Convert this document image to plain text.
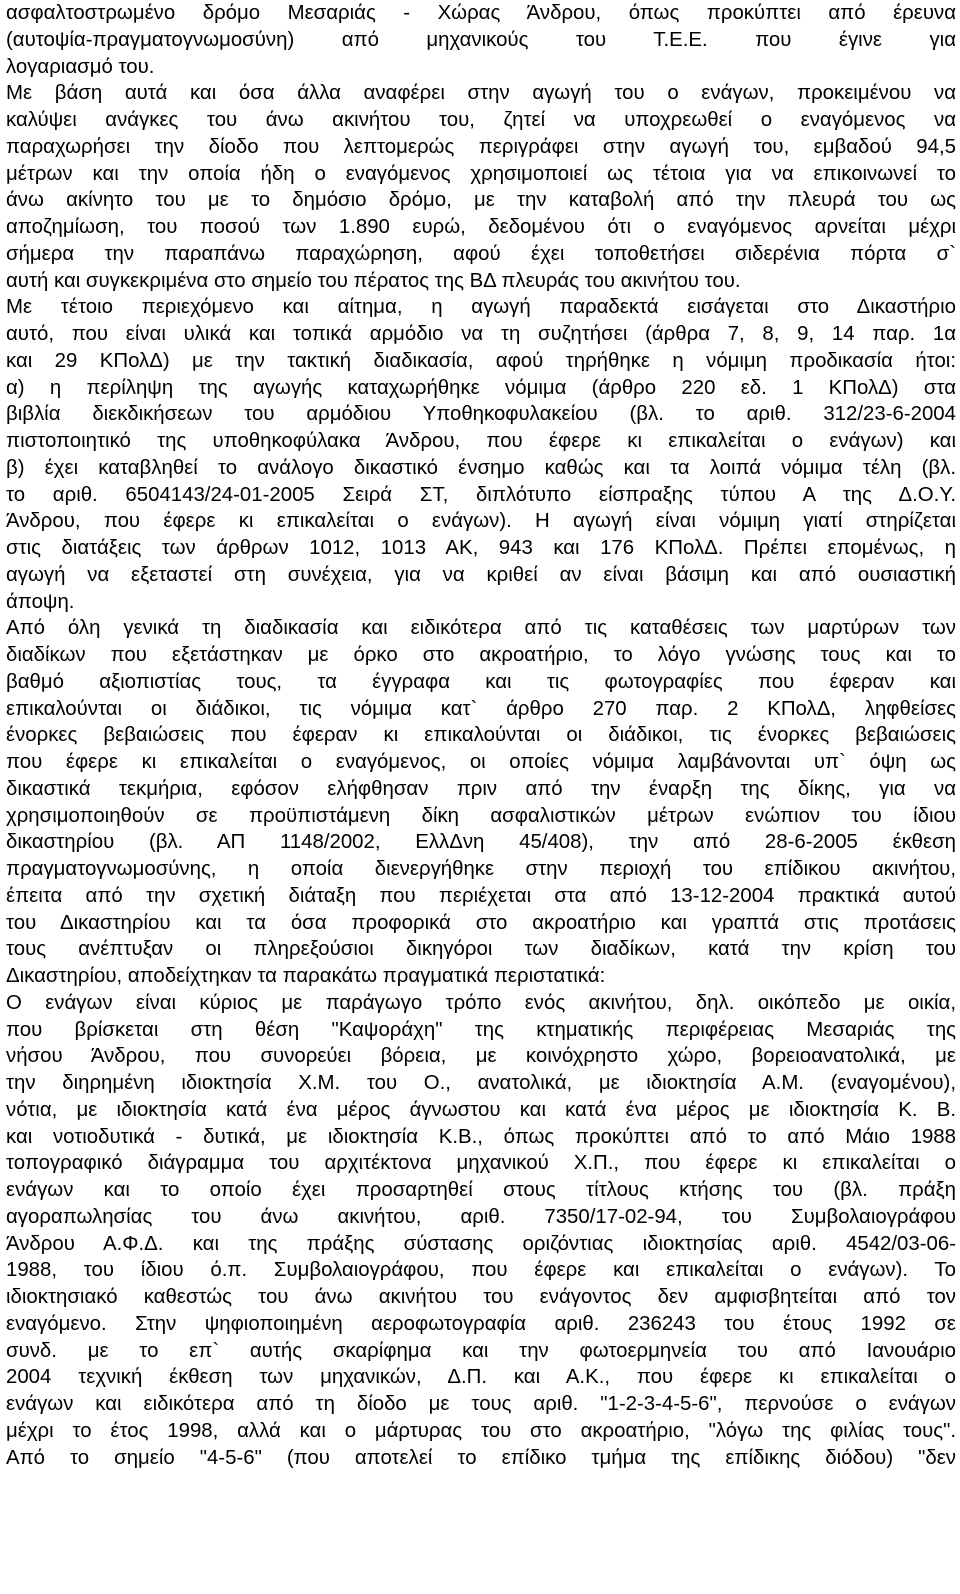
ασφαλτοστρωμένο δρόμο Μεσαριάς - Χώρας Άνδρου, όπως προκύπτει από έρευνα
(αυτοψία-πραγματογνωμοσύνη) από μηχανικούς του Τ.Ε.Ε. που έγινε για
λογαριασμό του.
Με βάση αυτά και όσα άλλα αναφέρει στην αγωγή του ο ενάγων, προκειμένου να
καλύψει ανάγκες του άνω ακινήτου του, ζητεί να υποχρεωθεί ο εναγόμενος να
παραχωρήσει την δίοδο που λεπτομερώς περιγράφει στην αγωγή του, εμβαδού 94,5
μέτρων και την οποία ήδη ο εναγόμενος χρησιμοποιεί ως τέτοια για να επικοινωνεί το
άνω ακίνητο του με το δημόσιο δρόμο, με την καταβολή από την πλευρά του ως
αποζημίωση, του ποσού των 1.890 ευρώ, δεδομένου ότι ο εναγόμενος αρνείται μέχρι
σήμερα την παραπάνω παραχώρηση, αφού έχει τοποθετήσει σιδερένια πόρτα σ`
αυτή και συγκεκριμένα στο σημείο του πέρατος της ΒΔ πλευράς του ακινήτου του.
Με τέτοιο περιεχόμενο και αίτημα, η αγωγή παραδεκτά εισάγεται στο Δικαστήριο
αυτό, που είναι υλικά και τοπικά αρμόδιο να τη συζητήσει (άρθρα 7, 8, 9, 14 παρ. 1α
και 29 ΚΠολΔ) με την τακτική διαδικασία, αφού τηρήθηκε η νόμιμη προδικασία ήτοι:
α) η περίληψη της αγωγής καταχωρήθηκε νόμιμα (άρθρο 220 εδ. 1 ΚΠολΔ) στα
βιβλία διεκδικήσεων του αρμόδιου Υποθηκοφυλακείου (βλ. το αριθ. 312/23-6-2004
πιστοποιητικό της υποθηκοφύλακα Άνδρου, που έφερε κι επικαλείται ο ενάγων) και
β) έχει καταβληθεί το ανάλογο δικαστικό ένσημο καθώς και τα λοιπά νόμιμα τέλη (βλ.
το αριθ. 6504143/24-01-2005 Σειρά ΣΤ, διπλότυπο είσπραξης τύπου Α της Δ.Ο.Υ.
Άνδρου, που έφερε κι επικαλείται ο ενάγων). Η αγωγή είναι νόμιμη γιατί στηρίζεται
στις διατάξεις των άρθρων 1012, 1013 ΑΚ, 943 και 176 ΚΠολΔ. Πρέπει επομένως, η
αγωγή να εξεταστεί στη συνέχεια, για να κριθεί αν είναι βάσιμη και από ουσιαστική
άποψη.
Από όλη γενικά τη διαδικασία και ειδικότερα από τις καταθέσεις των μαρτύρων των
διαδίκων που εξετάστηκαν με όρκο στο ακροατήριο, το λόγο γνώσης τους και το
βαθμό αξιοπιστίας τους, τα έγγραφα και τις φωτογραφίες που έφεραν και
επικαλούνται οι διάδικοι, τις νόμιμα κατ` άρθρο 270 παρ. 2 ΚΠολΔ, ληφθείσες
ένορκες βεβαιώσεις που έφεραν κι επικαλούνται οι διάδικοι, τις ένορκες βεβαιώσεις
που έφερε κι επικαλείται ο εναγόμενος, οι οποίες νόμιμα λαμβάνονται υπ` όψη ως
δικαστικά τεκμήρια, εφόσον ελήφθησαν πριν από την έναρξη της δίκης, για να
χρησιμοποιηθούν σε προϋπιστάμενη δίκη ασφαλιστικών μέτρων ενώπιον του ίδιου
δικαστηρίου (βλ. ΑΠ 1148/2002, ΕλλΔνη 45/408), την από 28-6-2005 έκθεση
πραγματογνωμοσύνης, η οποία διενεργήθηκε στην περιοχή του επίδικου ακινήτου,
έπειτα από την σχετική διάταξη που περιέχεται στα από 13-12-2004 πρακτικά αυτού
του Δικαστηρίου και τα όσα προφορικά στο ακροατήριο και γραπτά στις προτάσεις
τους ανέπτυξαν οι πληρεξούσιοι δικηγόροι των διαδίκων, κατά την κρίση του
Δικαστηρίου, αποδείχτηκαν τα παρακάτω πραγματικά περιστατικά:
Ο ενάγων είναι κύριος με παράγωγο τρόπο ενός ακινήτου, δηλ. οικόπεδο με οικία,
που βρίσκεται στη θέση "Καψοράχη" της κτηματικής περιφέρειας Μεσαριάς της
νήσου Άνδρου, που συνορεύει βόρεια, με κοινόχρηστο χώρο, βορειοανατολικά, με
την διηρημένη ιδιοκτησία Χ.Μ. του Ο., ανατολικά, με ιδιοκτησία Α.Μ. (εναγομένου),
νότια, με ιδιοκτησία κατά ένα μέρος άγνωστου και κατά ένα μέρος με ιδιοκτησία Κ. Β.
και νοτιοδυτικά - δυτικά, με ιδιοκτησία Κ.Β., όπως προκύπτει από το από Μάιο 1988
τοπογραφικό διάγραμμα του αρχιτέκτονα μηχανικού Χ.Π., που έφερε κι επικαλείται ο
ενάγων και το οποίο έχει προσαρτηθεί στους τίτλους κτήσης του (βλ. πράξη
αγοραπωλησίας του άνω ακινήτου, αριθ. 7350/17-02-94, του Συμβολαιογράφου
Άνδρου Α.Φ.Δ. και της πράξης σύστασης οριζόντιας ιδιοκτησίας αριθ. 4542/03-06-
1988, του ίδιου ό.π. Συμβολαιογράφου, που έφερε και επικαλείται ο ενάγων). Το
ιδιοκτησιακό καθεστώς του άνω ακινήτου του ενάγοντος δεν αμφισβητείται από τον
εναγόμενο. Στην ψηφιοποιημένη αεροφωτογραφία αριθ. 236243 του έτους 1992 σε
συνδ. με το επ` αυτής σκαρίφημα και την φωτοερμηνεία του από Ιανουάριο
2004 τεχνική έκθεση των μηχανικών, Δ.Π. και Α.Κ., που έφερε κι επικαλείται ο
ενάγων και ειδικότερα από τη δίοδο με τους αριθ. "1-2-3-4-5-6", περνούσε ο ενάγων
μέχρι το έτος 1998, αλλά και ο μάρτυρας του στο ακροατήριο, "λόγω της φιλίας τους".
Από το σημείο "4-5-6" (που αποτελεί το επίδικο τμήμα της επίδικης διόδου) "δεν
